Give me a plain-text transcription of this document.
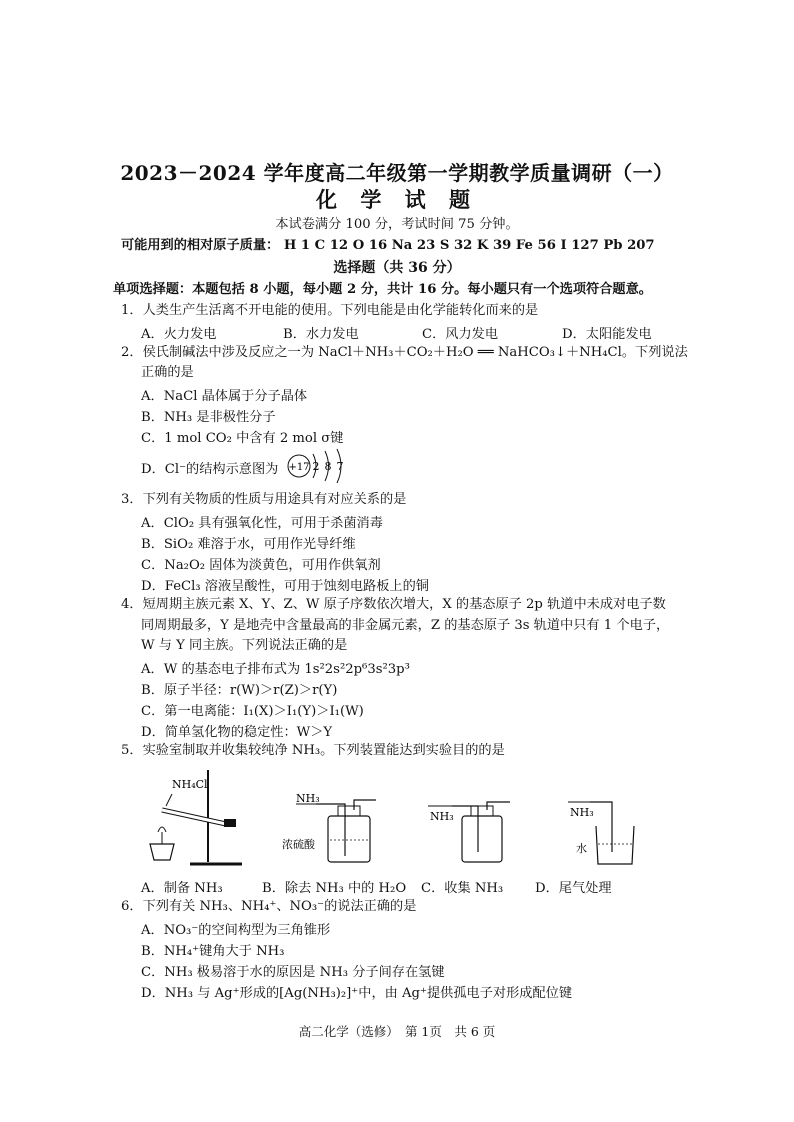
2023－2024 学年度高二年级第一学期教学质量调研（一）
化 学 试 题
本试卷满分 100 分，考试时间 75 分钟。
可能用到的相对原子质量： H 1 C 12 O 16 Na 23 S 32 K 39 Fe 56 I 127 Pb 207
选择题（共 36 分）
单项选择题：本题包括 8 小题，每小题 2 分，共计 16 分。每小题只有一个选项符合题意。
1．人类生产生活离不开电能的使用。下列电能是由化学能转化而来的是
A．火力发电	B．水力发电	C．风力发电	D．太阳能发电
2．侯氏制碱法中涉及反应之一为 NaCl＋NH₃＋CO₂＋H₂O ══ NaHCO₃↓＋NH₄Cl。下列说法
正确的是
A．NaCl 晶体属于分子晶体
B．NH₃ 是非极性分子
C．1 mol CO₂ 中含有 2 mol σ键
D．Cl⁻的结构示意图为 +17 2 8 7
3．下列有关物质的性质与用途具有对应关系的是
A．ClO₂ 具有强氧化性，可用于杀菌消毒
B．SiO₂ 难溶于水，可用作光导纤维
C．Na₂O₂ 固体为淡黄色，可用作供氧剂
D．FeCl₃ 溶液呈酸性，可用于蚀刻电路板上的铜
4．短周期主族元素 X、Y、Z、W 原子序数依次增大，X 的基态原子 2p 轨道中未成对电子数
同周期最多，Y 是地壳中含量最高的非金属元素，Z 的基态原子 3s 轨道中只有 1 个电子，
W 与 Y 同主族。下列说法正确的是
A．W 的基态电子排布式为 1s²2s²2p⁶3s²3p³
B．原子半径：r(W)＞r(Z)＞r(Y)
C．第一电离能：I₁(X)＞I₁(Y)＞I₁(W)
D．简单氢化物的稳定性：W＞Y
5．实验室制取并收集较纯净 NH₃。下列装置能达到实验目的的是
NH₄Cl
NH₃
浓硫酸
NH₃	NH₃
水
A．制备 NH₃	B．除去 NH₃ 中的 H₂O C．收集 NH₃ D．尾气处理
6．下列有关 NH₃、NH₄⁺、NO₃⁻的说法正确的是
A．NO₃⁻的空间构型为三角锥形
B．NH₄⁺键角大于 NH₃
C．NH₃ 极易溶于水的原因是 NH₃ 分子间存在氢键
D．NH₃ 与 Ag⁺形成的[Ag(NH₃)₂]⁺中，由 Ag⁺提供孤电子对形成配位键
高二化学（选修）　第 1页　共 6 页
